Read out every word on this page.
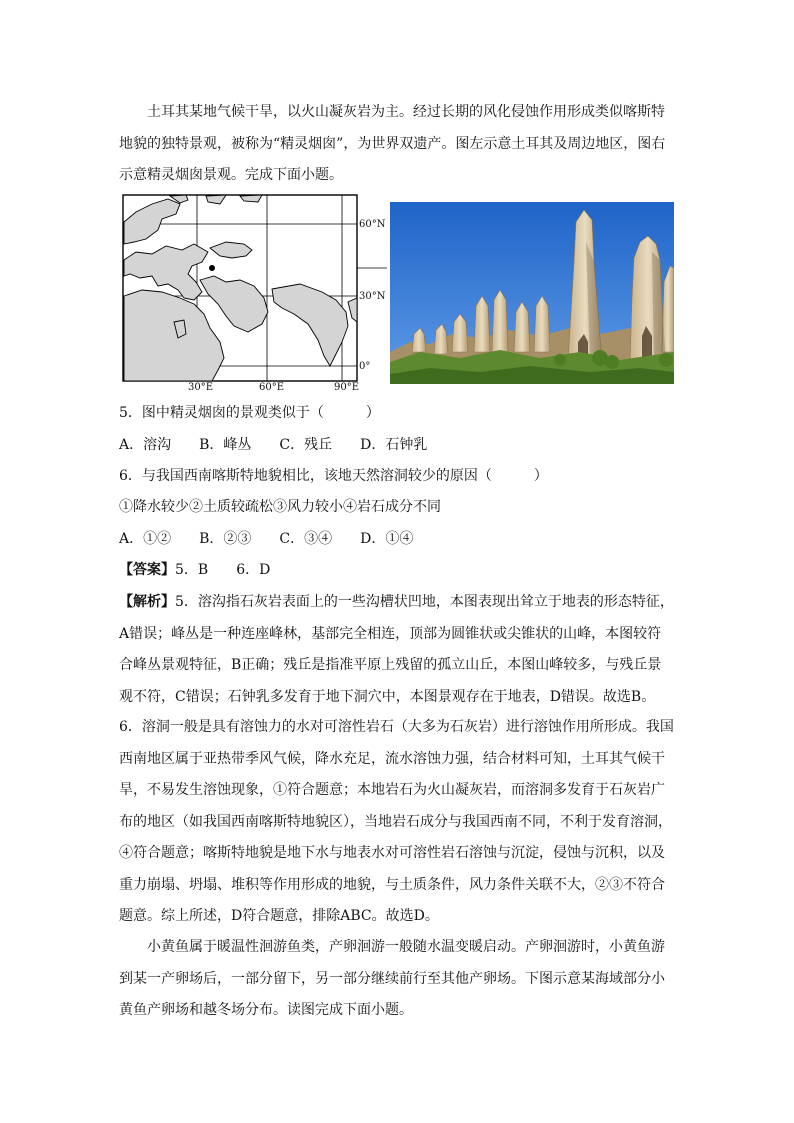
土耳其某地气候干旱，以火山凝灰岩为主。经过长期的风化侵蚀作用形成类似喀斯特地貌的独特景观，被称为“精灵烟囱”，为世界双遗产。图左示意土耳其及周边地区，图右示意精灵烟囱景观。完成下面小题。

60°N
30°N
0°
30°E	60°E	90°E

5．图中精灵烟囱的景观类似于（　　　）

A．溶沟　　B．峰丛　　C．残丘　　D．石钟乳

6．与我国西南喀斯特地貌相比，该地天然溶洞较少的原因（　　　）

①降水较少②土质较疏松③风力较小④岩石成分不同

A．①②　　B．②③　　C．③④　　D．①④

【答案】5．B　　6．D

【解析】5．溶沟指石灰岩表面上的一些沟槽状凹地，本图表现出耸立于地表的形态特征，A错误；峰丛是一种连座峰林，基部完全相连，顶部为圆锥状或尖锥状的山峰，本图较符合峰丛景观特征，B正确；残丘是指准平原上残留的孤立山丘，本图山峰较多，与残丘景观不符，C错误；石钟乳多发育于地下洞穴中，本图景观存在于地表，D错误。故选B。

6．溶洞一般是具有溶蚀力的水对可溶性岩石（大多为石灰岩）进行溶蚀作用所形成。我国西南地区属于亚热带季风气候，降水充足，流水溶蚀力强，结合材料可知，土耳其气候干旱，不易发生溶蚀现象，①符合题意；本地岩石为火山凝灰岩，而溶洞多发育于石灰岩广布的地区（如我国西南喀斯特地貌区），当地岩石成分与我国西南不同，不利于发育溶洞，④符合题意；喀斯特地貌是地下水与地表水对可溶性岩石溶蚀与沉淀，侵蚀与沉积，以及重力崩塌、坍塌、堆积等作用形成的地貌，与土质条件，风力条件关联不大，②③不符合题意。综上所述，D符合题意，排除ABC。故选D。

小黄鱼属于暖温性洄游鱼类，产卵洄游一般随水温变暖启动。产卵洄游时，小黄鱼游到某一产卵场后，一部分留下，另一部分继续前行至其他产卵场。下图示意某海域部分小黄鱼产卵场和越冬场分布。读图完成下面小题。
